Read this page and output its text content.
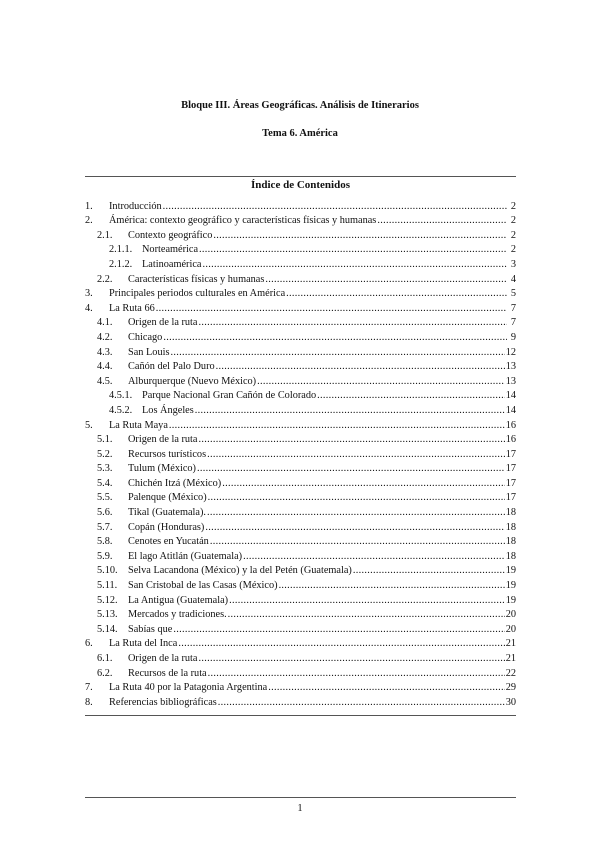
Bloque III. Áreas Geográficas. Análisis de Itinerarios
Tema 6. América
Índice de Contenidos
1.	Introducción .....	2
2.	Ámérica: contexto geográfico y características físicas y humanas .....	2
2.1.	Contexto geográfico .....	2
2.1.1. Norteamérica .....	2
2.1.2. Latinoamérica .....	3
2.2.	Características físicas y humanas .....	4
3.	Principales periodos culturales en América .....	5
4.	La Ruta 66 .....	7
4.1.	Origen de la ruta .....	7
4.2.	Chicago .....	9
4.3.	San Louis .....	12
4.4.	Cañón del Palo Duro .....	13
4.5.	Alburquerque (Nuevo México) .....	13
4.5.1. Parque Nacional Gran Cañón de Colorado .....	14
4.5.2. Los Ángeles .....	14
5.	La Ruta Maya .....	16
5.1.	Origen de la ruta .....	16
5.2.	Recursos turísticos .....	17
5.3.	Tulum (México) .....	17
5.4.	Chichén Itzá (México) .....	17
5.5.	Palenque (México) .....	17
5.6.	Tikal (Guatemala). .....	18
5.7.	Copán (Honduras) .....	18
5.8.	Cenotes en Yucatán .....	18
5.9.	El lago Atitlán (Guatemala) .....	18
5.10.	Selva Lacandona (México) y la del Petén (Guatemala) .....	19
5.11.	San Cristobal de las Casas (México) .....	19
5.12.	La Antigua (Guatemala) .....	19
5.13.	Mercados y tradiciones. .....	20
5.14.	Sabías que .....	20
6.	La Ruta del Inca .....	21
6.1.	Origen de la ruta .....	21
6.2.	Recursos de la ruta .....	22
7.	La Ruta 40 por la Patagonia Argentina .....	29
8.	Referencias bibliográficas .....	30
1
